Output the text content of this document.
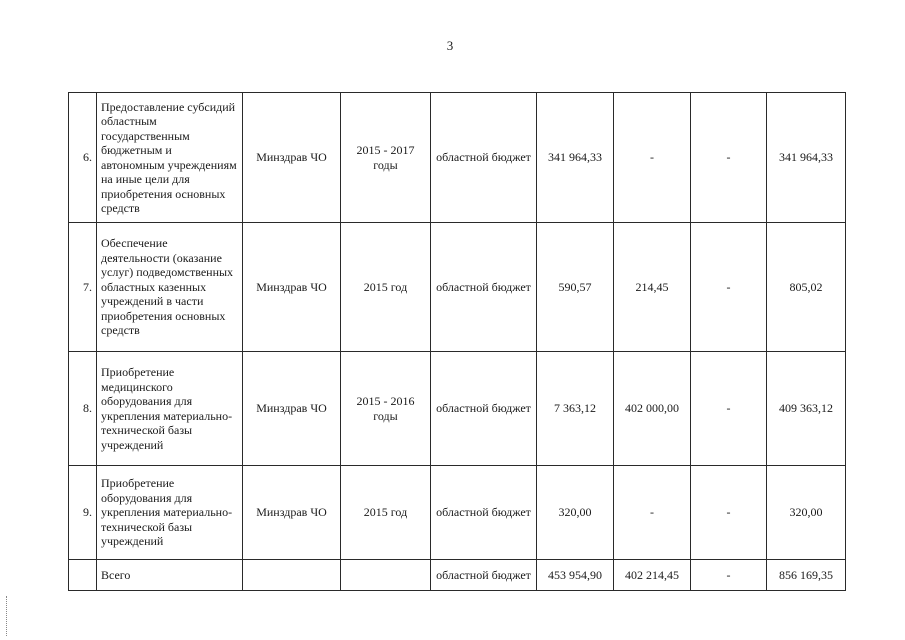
3
6.	Предоставление субсидий областным государственным бюджетным и автономным учреждениям на иные цели для приобретения основных средств	Минздрав ЧО	2015 - 2017 годы	областной бюджет	341 964,33	-	-	341 964,33
7.	Обеспечение деятельности (оказание услуг) подведомственных областных казенных учреждений в части приобретения основных средств	Минздрав ЧО	2015 год	областной бюджет	590,57	214,45	-	805,02
8.	Приобретение медицинского оборудования для укрепления материально-технической базы учреждений	Минздрав ЧО	2015 - 2016 годы	областной бюджет	7 363,12	402 000,00	-	409 363,12
9.	Приобретение оборудования для укрепления материально-технической базы учреждений	Минздрав ЧО	2015 год	областной бюджет	320,00	-	-	320,00
	Всего			областной бюджет	453 954,90	402 214,45	-	856 169,35
